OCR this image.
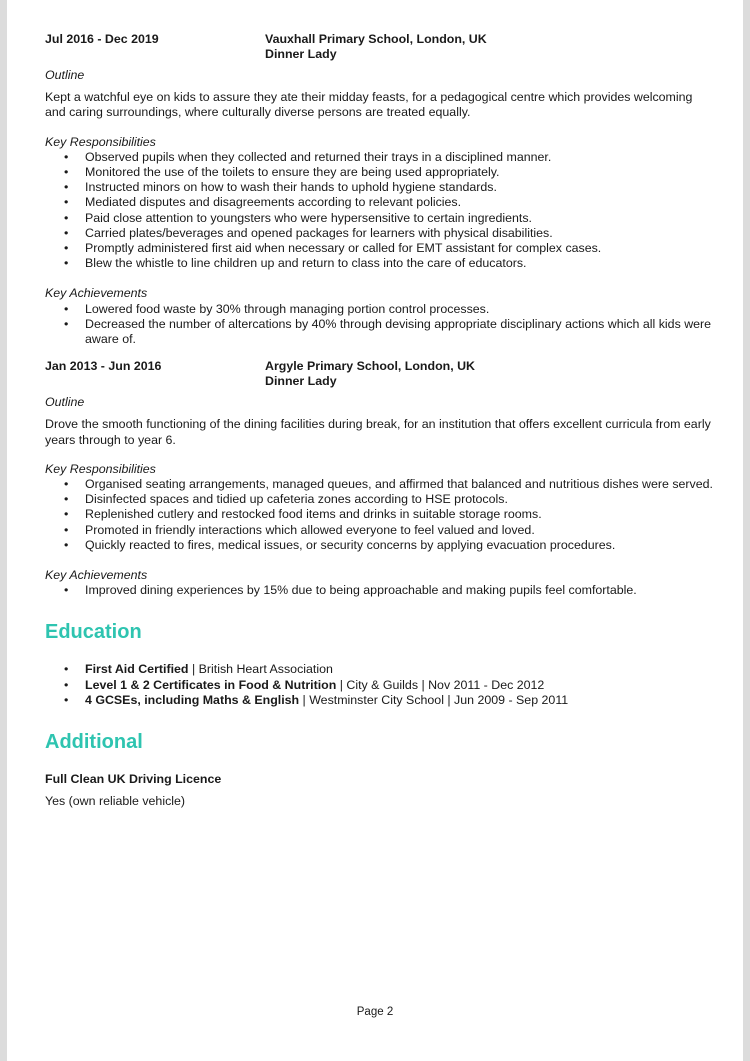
Jul 2016 - Dec 2019	Vauxhall Primary School, London, UK
Dinner Lady
Outline
Kept a watchful eye on kids to assure they ate their midday feasts, for a pedagogical centre which provides welcoming and caring surroundings, where culturally diverse persons are treated equally.
Key Responsibilities
• Observed pupils when they collected and returned their trays in a disciplined manner.
• Monitored the use of the toilets to ensure they are being used appropriately.
• Instructed minors on how to wash their hands to uphold hygiene standards.
• Mediated disputes and disagreements according to relevant policies.
• Paid close attention to youngsters who were hypersensitive to certain ingredients.
• Carried plates/beverages and opened packages for learners with physical disabilities.
• Promptly administered first aid when necessary or called for EMT assistant for complex cases.
• Blew the whistle to line children up and return to class into the care of educators.
Key Achievements
• Lowered food waste by 30% through managing portion control processes.
• Decreased the number of altercations by 40% through devising appropriate disciplinary actions which all kids were aware of.
Jan 2013 - Jun 2016	Argyle Primary School, London, UK
Dinner Lady
Outline
Drove the smooth functioning of the dining facilities during break, for an institution that offers excellent curricula from early years through to year 6.
Key Responsibilities
• Organised seating arrangements, managed queues, and affirmed that balanced and nutritious dishes were served.
• Disinfected spaces and tidied up cafeteria zones according to HSE protocols.
• Replenished cutlery and restocked food items and drinks in suitable storage rooms.
• Promoted in friendly interactions which allowed everyone to feel valued and loved.
• Quickly reacted to fires, medical issues, or security concerns by applying evacuation procedures.
Key Achievements
• Improved dining experiences by 15% due to being approachable and making pupils feel comfortable.
Education
• First Aid Certified | British Heart Association
• Level 1 & 2 Certificates in Food & Nutrition | City & Guilds | Nov 2011 - Dec 2012
• 4 GCSEs, including Maths & English | Westminster City School | Jun 2009 - Sep 2011
Additional
Full Clean UK Driving Licence
Yes (own reliable vehicle)
Page 2
